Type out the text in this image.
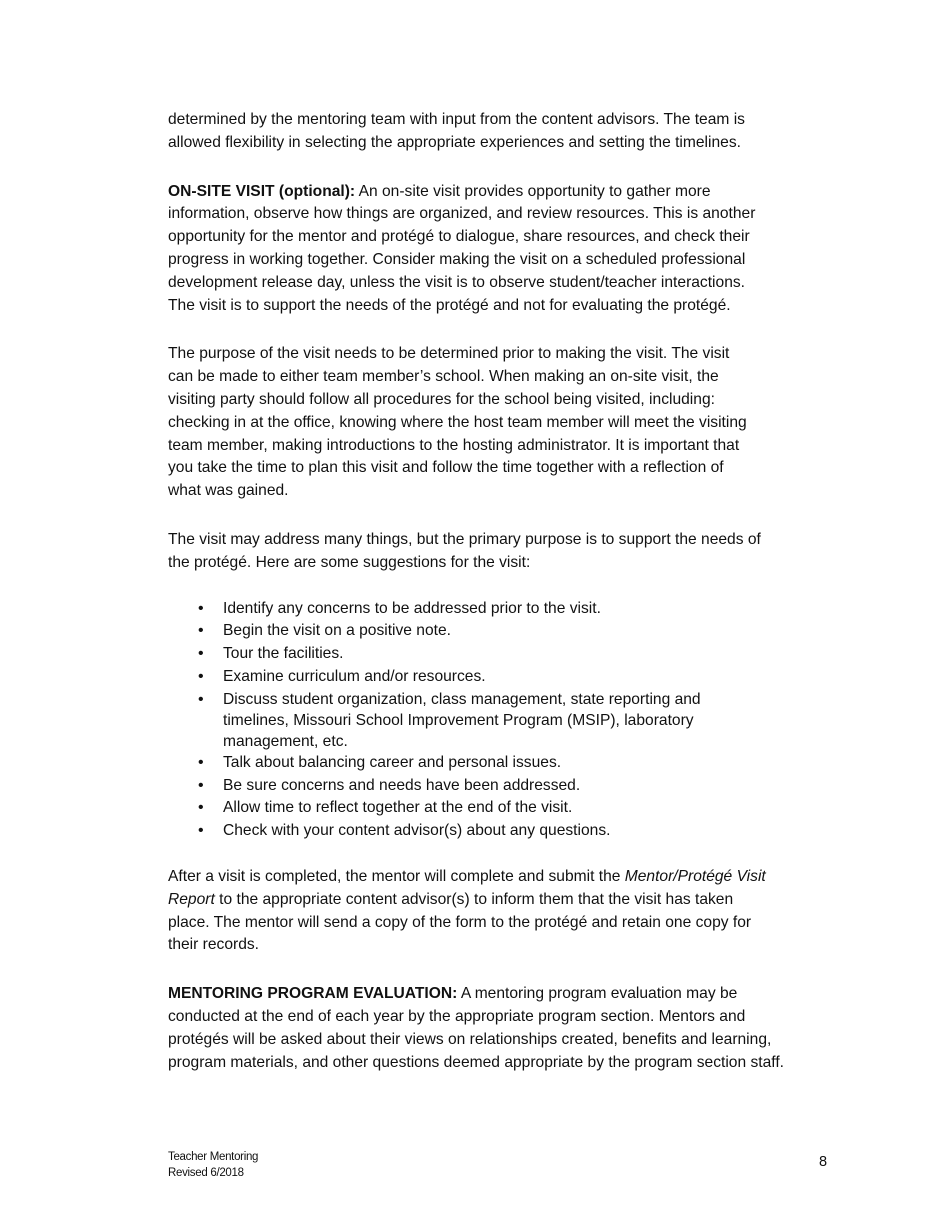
determined by the mentoring team with input from the content advisors. The team is
allowed flexibility in selecting the appropriate experiences and setting the timelines.

ON-SITE VISIT (optional): An on-site visit provides opportunity to gather more
information, observe how things are organized, and review resources. This is another
opportunity for the mentor and protégé to dialogue, share resources, and check their
progress in working together. Consider making the visit on a scheduled professional
development release day, unless the visit is to observe student/teacher interactions.
The visit is to support the needs of the protégé and not for evaluating the protégé.

The purpose of the visit needs to be determined prior to making the visit. The visit
can be made to either team member’s school. When making an on-site visit, the
visiting party should follow all procedures for the school being visited, including:
checking in at the office, knowing where the host team member will meet the visiting
team member, making introductions to the hosting administrator. It is important that
you take the time to plan this visit and follow the time together with a reflection of
what was gained.

The visit may address many things, but the primary purpose is to support the needs of
the protégé. Here are some suggestions for the visit:

• Identify any concerns to be addressed prior to the visit.
• Begin the visit on a positive note.
• Tour the facilities.
• Examine curriculum and/or resources.
• Discuss student organization, class management, state reporting and
timelines, Missouri School Improvement Program (MSIP), laboratory
management, etc.
• Talk about balancing career and personal issues.
• Be sure concerns and needs have been addressed.
• Allow time to reflect together at the end of the visit.
• Check with your content advisor(s) about any questions.

After a visit is completed, the mentor will complete and submit the Mentor/Protégé Visit
Report to the appropriate content advisor(s) to inform them that the visit has taken
place. The mentor will send a copy of the form to the protégé and retain one copy for
their records.

MENTORING PROGRAM EVALUATION: A mentoring program evaluation may be
conducted at the end of each year by the appropriate program section. Mentors and
protégés will be asked about their views on relationships created, benefits and learning,
program materials, and other questions deemed appropriate by the program section staff.

Teacher Mentoring
Revised 6/2018
8
